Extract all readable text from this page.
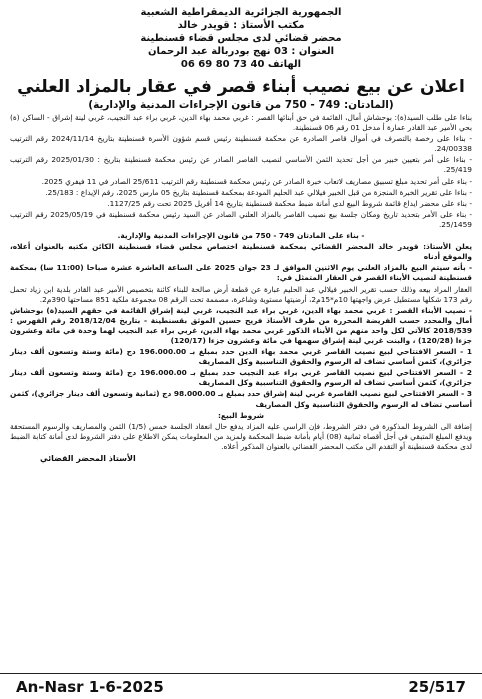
الجمهورية الجزائرية الديمقراطية الشعبية
مكتب الأستاذ : قويدر خالد
محضر قضائي لدى مجلس قضاء قسنطينة
العنوان : 03 نهج بودربالة عبد الرحمان
الهاتف 40 73 80 69 06
اعلان عن بيع نصيب أبناء قصر في عقار بالمزاد العلني
(المادتان: 749 - 750 من قانون الإجراءات المدنية والإدارية)

بناءا على طلب السيد(ة): بوحشاش أمال، القائمة في حق أبنائها القصر : غربي محمد بهاء الدين، غربي براء عبد النجيب، غربي لينة إشراق - الساكن (ة) بحي الأمير عبد القادر عمارة أ مدخل 01 رقم 06 قسنطينة.

- بناءا على رخصة بالتصرف في أموال قاصر الصادرة عن محكمة قسنطينة رئيس قسم شؤون الأسرة قسنطينة بتاريخ 2024/11/14 رقم الترتيب 24/00338.

- بناءا على أمر بتعيين خبير من أجل تحديد الثمن الأساسي لنصيب القاصر الصادر عن رئيس محكمة قسنطينة بتاريخ : 2025/01/30 رقم الترتيب 25/419.

- بناء على أمر تحديد مبلغ تسبيق مصاريف لاتعاب خبرة الصادر عن رئيس محكمة قسنطينة رقم الترتيب 25/611 الصادر في 11 فيفري 2025.

- بناءا على تقرير الخبرة المنجزة من قبل الخبير فيلالي عبد الحليم المودعة بمحكمة قسنطينة بتاريخ 05 مارس 2025، رقم الإيداع : 25/183.

- بناء على محضر ايداع قائمة شروط البيع لدى أمانة ضبط محكمة قسنطينة بتاريخ 14 أفريل 2025 تحت رقم 1127/25.

- بناء على الأمر بتحديد تاريخ ومكان جلسة بيع نصيب القاصر بالمزاد العلني الصادر عن السيد رئيس محكمة قسنطينة في 2025/05/19 رقم الترتيب 25/1459.

- بناء على المادتان 749 - 750 من قانون الإجراءات المدنية والإدارية.

يعلن الأستاذ: قويدر خالد المحضر القضائي بمحكمة قسنطينة اختصاص مجلس قضاء قسنطينة الكائن مكتبه بالعنوان أعلاه، والموقع أدناه

- بأنه سيتم البيع بالمزاد العلني يوم الاثنين الموافق لـ 23 جوان 2025 على الساعة العاشرة عشرة صباحا (11:00 سا) بمحكمة قسنطينة لنصيب الأبناء القصر في العقار المتمثل في:

العقار المراد بيعه وذلك حسب تقرير الخبير فيلالي عبد الحليم عبارة عن قطعة أرض صالحة للبناء كائنة بتخصيص الأمير عبد القادر بلدية ابن زياد تحمل رقم 173 شكلها مستطيل عرض واجهتها 10م*15م2، أرضيتها مستوية وشاغرة، مصممة تحت الرقم 08 مجموعة ملكية 851 مساحتها 390م2.

- نصيب الأبناء القصر : غربي محمد بهاء الدين، غربي براء عبد النجيب، غربي لينة إشراق القائمة في حقهم السيد(ة) بوحشاش أمال والمحدد حسب الفريضة المحررة من طرف الأستاذ فريح حسين الموثق بقسنطينة - بتاريخ 2018/12/04 رقم الفهرس : 2018/539 كالآتي لكل واحد منهم من الأبناء الذكور غربي محمد بهاء الدين، غربي براء عبد النجيب لهما وحدة في مائة وعشرون جزءا (120/28) ، والبنت غربي لينة إشراق سهمها في مائة وعشرون جزءا (120/17)

1 - السعر الافتتاحي لبيع نصيب القاصر غربي محمد بهاء الدين حدد بمبلغ بـ 196.000.00 دج (مائة وستة وتسعون ألف دينار جزائري)، كثمن أساسي تضاف له الرسوم والحقوق التناسبية وكل المصاريف

2 - السعر الافتتاحي لبيع نصيب القاصر غربي براء عبد النجيب حدد بمبلغ بـ 196.000.00 دج (مائة وستة وتسعون ألف دينار جزائري)، كثمن أساسي تضاف له الرسوم والحقوق التناسبية وكل المصاريف

3 - السعر الافتتاحي لبيع نصيب القاصرة غربي لينة إشراق حدد بمبلغ بـ 98.000.00 دج (ثمانية وتسعون ألف دينار جزائري)، كثمن أساسي تضاف له الرسوم والحقوق التناسبية وكل المصاريف

شروط البيع:

إضافة الى الشروط المذكورة في دفتر الشروط، فإن الراسي عليه المزاد يدفع حال انعقاد الجلسة خمس (1/5) الثمن والمصاريف والرسوم المستحقة ويدفع المبلغ المتبقي في أجل أقصاه ثمانية (08) أيام بأمانة ضبط المحكمة ولمزيد من المعلومات يمكن الاطلاع على دفتر الشروط لدى أمانة كتابة الضبط لدى محكمة قسنطينة أو التقدم الى مكتب المحضر القضائي بالعنوان المذكور أعلاه.

الأستاذ المحضر القضائي
An-Nasr 1-6-2025	25/517
